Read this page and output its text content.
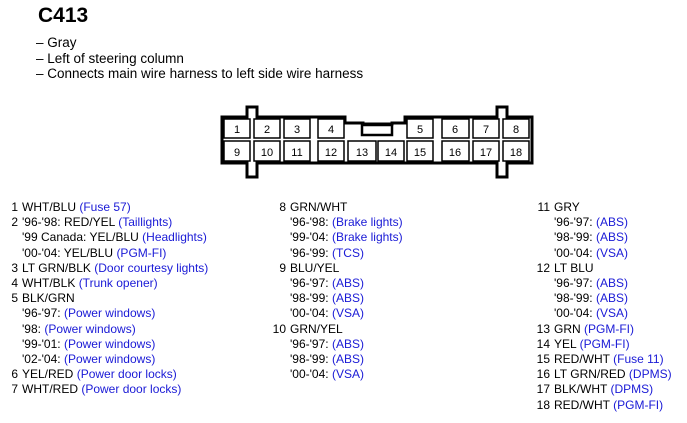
C413
– Gray
– Left of steering column
– Connects main wire harness to left side wire harness
1 2 3	4	5	6 7 8
9 10 11 12 13 14 15 16 17 18
1 WHT/BLU (Fuse 57)
2 '96-'98: RED/YEL (Taillights)
'99 Canada: YEL/BLU (Headlights)
'00-'04: YEL/BLU (PGM-FI)
3 LT GRN/BLK (Door courtesy lights)
4 WHT/BLK (Trunk opener)
5 BLK/GRN
'96-'97: (Power windows)
'98: (Power windows)
'99-'01: (Power windows)
'02-'04: (Power windows)
6 YEL/RED (Power door locks)
7 WHT/RED (Power door locks)
8 GRN/WHT
'96-'98: (Brake lights)
'99-'04: (Brake lights)
'96-'99: (TCS)
9 BLU/YEL
'96-'97: (ABS)
'98-'99: (ABS)
'00-'04: (VSA)
10 GRN/YEL
'96-'97: (ABS)
'98-'99: (ABS)
'00-'04: (VSA)
11 GRY
'96-'97: (ABS)
'98-'99: (ABS)
'00-'04: (VSA)
12 LT BLU
'96-'97: (ABS)
'98-'99: (ABS)
'00-'04: (VSA)
13 GRN (PGM-FI)
14 YEL (PGM-FI)
15 RED/WHT (Fuse 11)
16 LT GRN/RED (DPMS)
17 BLK/WHT (DPMS)
18 RED/WHT (PGM-FI)
